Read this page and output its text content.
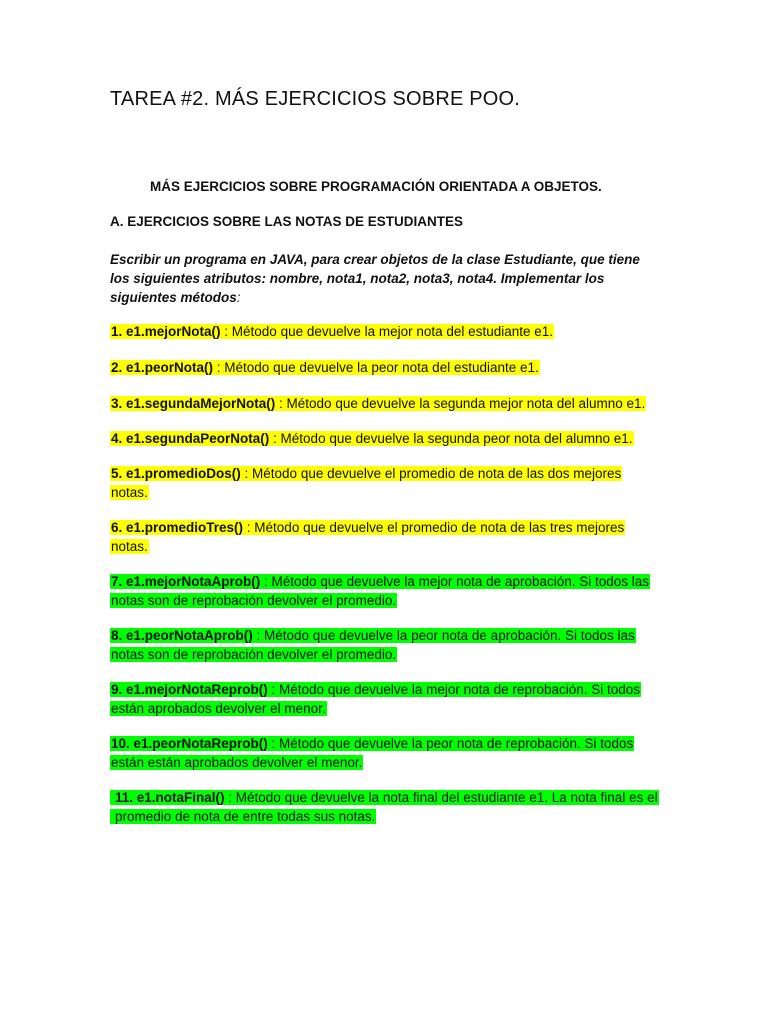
TAREA #2. MÁS EJERCICIOS SOBRE POO.
MÁS EJERCICIOS SOBRE PROGRAMACIÓN ORIENTADA A OBJETOS.
A. EJERCICIOS SOBRE LAS NOTAS DE ESTUDIANTES

Escribir un programa en JAVA, para crear objetos de la clase Estudiante, que tiene los siguientes atributos: nombre, nota1, nota2, nota3, nota4. Implementar los siguientes métodos:

1. e1.mejorNota() : Método que devuelve la mejor nota del estudiante e1.
2. e1.peorNota() : Método que devuelve la peor nota del estudiante e1.
3. e1.segundaMejorNota() : Método que devuelve la segunda mejor nota del alumno e1.
4. e1.segundaPeorNota() : Método que devuelve la segunda peor nota del alumno e1.
5. e1.promedioDos() : Método que devuelve el promedio de nota de las dos mejores notas.
6. e1.promedioTres() : Método que devuelve el promedio de nota de las tres mejores notas.
7. e1.mejorNotaAprob() : Método que devuelve la mejor nota de aprobación. Si todos las notas son de reprobación devolver el promedio.
8. e1.peorNotaAprob() : Método que devuelve la peor nota de aprobación. Si todos las notas son de reprobación devolver el promedio.
9. e1.mejorNotaReprob() : Método que devuelve la mejor nota de reprobación. Si todos están aprobados devolver el menor.
10. e1.peorNotaReprob() : Método que devuelve la peor nota de reprobación. Si todos están están aprobados devolver el menor.
11. e1.notaFinal() : Método que devuelve la nota final del estudiante e1. La nota final es el promedio de nota de entre todas sus notas.
